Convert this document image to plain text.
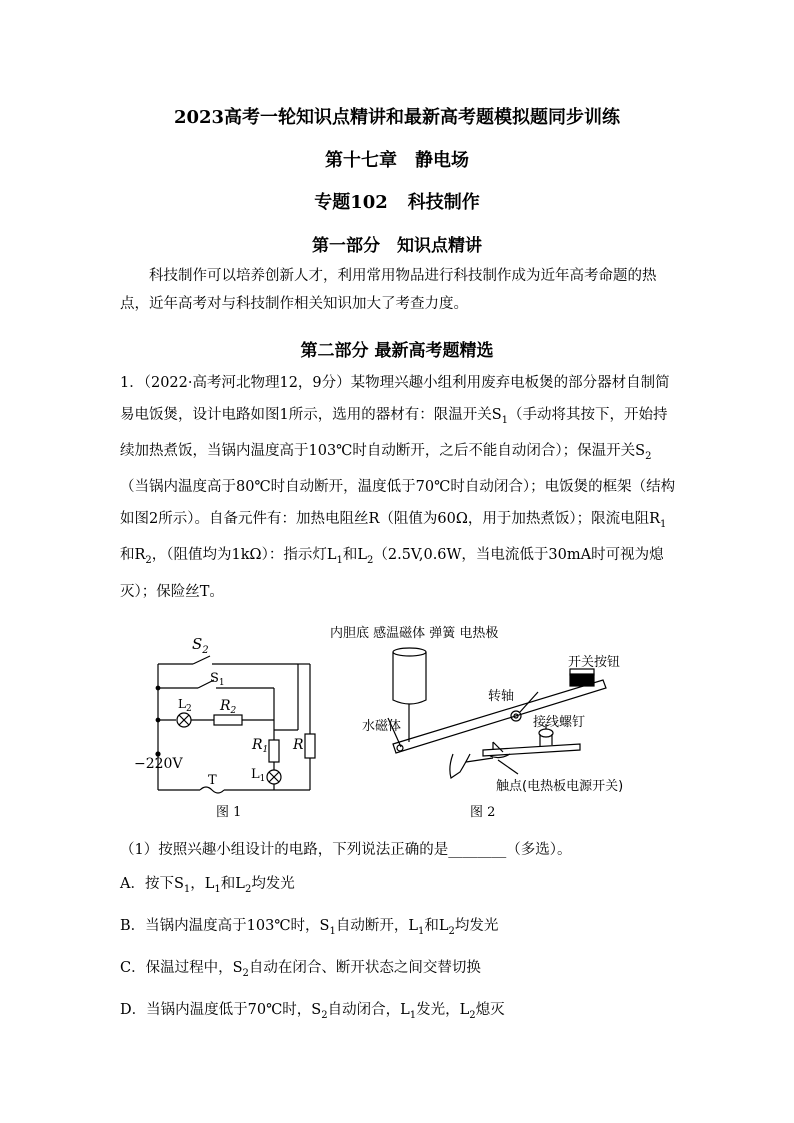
2023高考一轮知识点精讲和最新高考题模拟题同步训练
第十七章　静电场
专题102 科技制作
第一部分　知识点精讲
科技制作可以培养创新人才，利用常用物品进行科技制作成为近年高考命题的热点，近年高考对与科技制作相关知识加大了考查力度。
第二部分 最新高考题精选
1．（2022·高考河北物理12，9分）某物理兴趣小组利用废弃电板煲的部分器材自制简易电饭煲，设计电路如图1所示，选用的器材有：限温开关$S_1$（手动将其按下，开始持续加热煮饭，当锅内温度高于103℃时自动断开，之后不能自动闭合）；保温开关$S_2$（当锅内温度高于80℃时自动断开，温度低于70℃时自动闭合）；电饭煲的框架（结构如图2所示）。自备元件有：加热电阻丝R（阻值为60Ω，用于加热煮饭）；限流电阻$R_1$和$R_2$，（阻值均为1kΩ）：指示灯$L_1$和$L_2(2.5V,0.6W$，当电流低于30mA时可视为熄灭）；保险丝T。
$S_2$
$S_1$
$L_2$ $R_2$
$R_1$ R
$L_1$
−220V
T
图 1
内胆底 感温磁体 弹簧 电热极
开关按钮
转轴
水磁体	接线螺钉
触点(电热板电源开关)
图 2

（1）按照兴趣小组设计的电路，下列说法正确的是________（多选）。

A．按下$S_1$，$L_1$和$L_2$均发光
B．当锅内温度高于103℃时，$S_1$自动断开，$L_1$和$L_2$均发光
C．保温过程中，$S_2$自动在闭合、断开状态之间交替切换
D．当锅内温度低于70℃时，$S_2$自动闭合，$L_1$发光，$L_2$熄灭
